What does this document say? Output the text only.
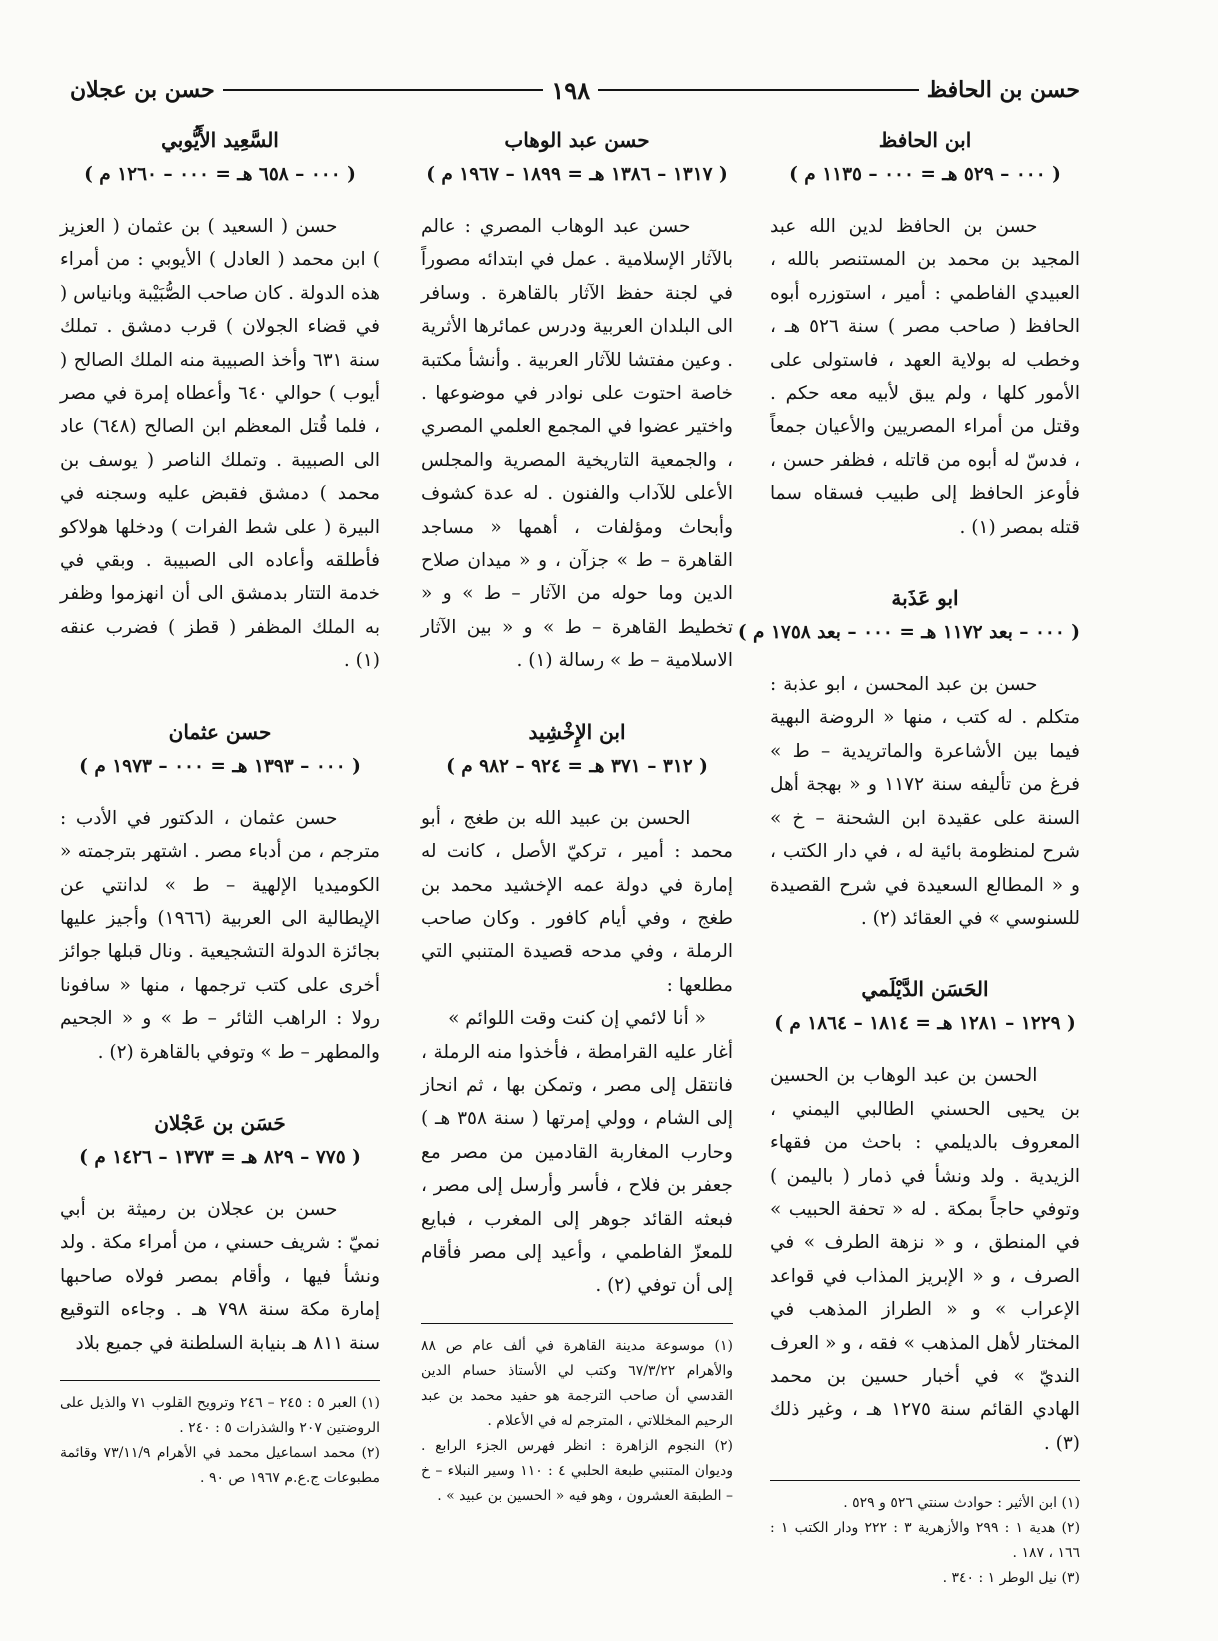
حسن بن الحافظ
١٩٨
حسن بن عجلان
ابن الحافظ
( ٠٠٠ – ٥٢٩ هـ = ٠٠٠ – ١١٣٥ م )

حسن بن الحافظ لدين الله عبد المجيد بن محمد بن المستنصر بالله ، العبيدي الفاطمي : أمير ، استوزره أبوه الحافظ ( صاحب مصر ) سنة ٥٢٦ هـ ، وخطب له بولاية العهد ، فاستولى على الأمور كلها ، ولم يبق لأبيه معه حكم . وقتل من أمراء المصريين والأعيان جمعاً ، فدسّ له أبوه من قاتله ، فظفر حسن ، فأوعز الحافظ إلى طبيب فسقاه سما قتله بمصر (١) .

ابو عَذَبة
( ٠٠٠ – بعد ١١٧٢ هـ = ٠٠٠ – بعد ١٧٥٨ م )

حسن بن عبد المحسن ، ابو عذبة : متكلم . له كتب ، منها « الروضة البهية فيما بين الأشاعرة والماتريدية – ط » فرغ من تأليفه سنة ١١٧٢ و « بهجة أهل السنة على عقيدة ابن الشحنة – خ » شرح لمنظومة بائية له ، في دار الكتب ، و « المطالع السعيدة في شرح القصيدة للسنوسي » في العقائد (٢) .

الحَسَن الدَّيْلَمي
( ١٢٢٩ – ١٢٨١ هـ = ١٨١٤ – ١٨٦٤ م )

الحسن بن عبد الوهاب بن الحسين بن يحيى الحسني الطالبي اليمني ، المعروف بالديلمي : باحث من فقهاء الزيدية . ولد ونشأ في ذمار ( باليمن ) وتوفي حاجاً بمكة . له « تحفة الحبيب » في المنطق ، و « نزهة الطرف » في الصرف ، و « الإبريز المذاب في قواعد الإعراب » و « الطراز المذهب في المختار لأهل المذهب » فقه ، و « العرف النديّ » في أخبار حسين بن محمد الهادي القائم سنة ١٢٧٥ هـ ، وغير ذلك (٣) .

(١) ابن الأثير : حوادث سنتي ٥٢٦ و ٥٢٩ .
(٢) هدية ١ : ٢٩٩ والأزهرية ٣ : ٢٢٢ ودار الكتب ١ : ١٦٦ ، ١٨٧ .
(٣) نيل الوطر ١ : ٣٤٠ .
حسن عبد الوهاب
( ١٣١٧ – ١٣٨٦ هـ = ١٨٩٩ – ١٩٦٧ م )

حسن عبد الوهاب المصري : عالم بالآثار الإسلامية . عمل في ابتدائه مصوراً في لجنة حفظ الآثار بالقاهرة . وسافر الى البلدان العربية ودرس عمائرها الأثرية . وعين مفتشا للآثار العربية . وأنشأ مكتبة خاصة احتوت على نوادر في موضوعها . واختير عضوا في المجمع العلمي المصري ، والجمعية التاريخية المصرية والمجلس الأعلى للآداب والفنون . له عدة كشوف وأبحاث ومؤلفات ، أهمها « مساجد القاهرة – ط » جزآن ، و « ميدان صلاح الدين وما حوله من الآثار – ط » و « تخطيط القاهرة – ط » و « بين الآثار الاسلامية – ط » رسالة (١) .

ابن الإِخْشِيد
( ٣١٢ – ٣٧١ هـ = ٩٢٤ – ٩٨٢ م )

الحسن بن عبيد الله بن طغج ، أبو محمد : أمير ، تركيّ الأصل ، كانت له إمارة في دولة عمه الإخشيد محمد بن طغج ، وفي أيام كافور . وكان صاحب الرملة ، وفي مدحه قصيدة المتنبي التي مطلعها :

« أنا لائمي إن كنت وقت اللوائم »

أغار عليه القرامطة ، فأخذوا منه الرملة ، فانتقل إلى مصر ، وتمكن بها ، ثم انحاز إلى الشام ، وولي إمرتها ( سنة ٣٥٨ هـ ) وحارب المغاربة القادمين من مصر مع جعفر بن فلاح ، فأسر وأرسل إلى مصر ، فبعثه القائد جوهر إلى المغرب ، فبايع للمعزّ الفاطمي ، وأعيد إلى مصر فأقام إلى أن توفي (٢) .

(١) موسوعة مدينة القاهرة في ألف عام ص ٨٨ والأهرام ٦٧/٣/٢٢ وكتب لي الأستاذ حسام الدين القدسي أن صاحب الترجمة هو حفيد محمد بن عبد الرحيم المخللاتي ، المترجم له في الأعلام .
(٢) النجوم الزاهرة : انظر فهرس الجزء الرابع . وديوان المتنبي طبعة الحلبي ٤ : ١١٠ وسير النبلاء – خ – الطبقة العشرون ، وهو فيه « الحسين بن عبيد » .
السَّعِيد الأَيُّوبي
( ٠٠٠ – ٦٥٨ هـ = ٠٠٠ – ١٢٦٠ م )

حسن ( السعيد ) بن عثمان ( العزيز ) ابن محمد ( العادل ) الأيوبي : من أمراء هذه الدولة . كان صاحب الصُّبَيْبة وبانياس ( في قضاء الجولان ) قرب دمشق . تملك سنة ٦٣١ وأخذ الصبيبة منه الملك الصالح ( أيوب ) حوالي ٦٤٠ وأعطاه إمرة في مصر ، فلما قُتل المعظم ابن الصالح (٦٤٨) عاد الى الصبيبة . وتملك الناصر ( يوسف بن محمد ) دمشق فقبض عليه وسجنه في البيرة ( على شط الفرات ) ودخلها هولاكو فأطلقه وأعاده الى الصبيبة . وبقي في خدمة التتار بدمشق الى أن انهزموا وظفر به الملك المظفر ( قطز ) فضرب عنقه (١) .

حسن عثمان
( ٠٠٠ – ١٣٩٣ هـ = ٠٠٠ – ١٩٧٣ م )

حسن عثمان ، الدكتور في الأدب : مترجم ، من أدباء مصر . اشتهر بترجمته « الكوميديا الإلهية – ط » لدانتي عن الإيطالية الى العربية (١٩٦٦) وأجيز عليها بجائزة الدولة التشجيعية . ونال قبلها جوائز أخرى على كتب ترجمها ، منها « سافونا رولا : الراهب الثائر – ط » و « الجحيم والمطهر – ط » وتوفي بالقاهرة (٢) .

حَسَن بن عَجْلان
( ٧٧٥ – ٨٢٩ هـ = ١٣٧٣ – ١٤٢٦ م )

حسن بن عجلان بن رميثة بن أبي نميّ : شريف حسني ، من أمراء مكة . ولد ونشأ فيها ، وأقام بمصر فولاه صاحبها إمارة مكة سنة ٧٩٨ هـ . وجاءه التوقيع سنة ٨١١ هـ بنيابة السلطنة في جميع بلاد

(١) العبر ٥ : ٢٤٥ – ٢٤٦ وترويح القلوب ٧١ والذيل على الروضتين ٢٠٧ والشذرات ٥ : ٢٤٠ .
(٢) محمد اسماعيل محمد في الأهرام ٧٣/١١/٩ وقائمة مطبوعات ج.ع.م ١٩٦٧ ص ٩٠ .
